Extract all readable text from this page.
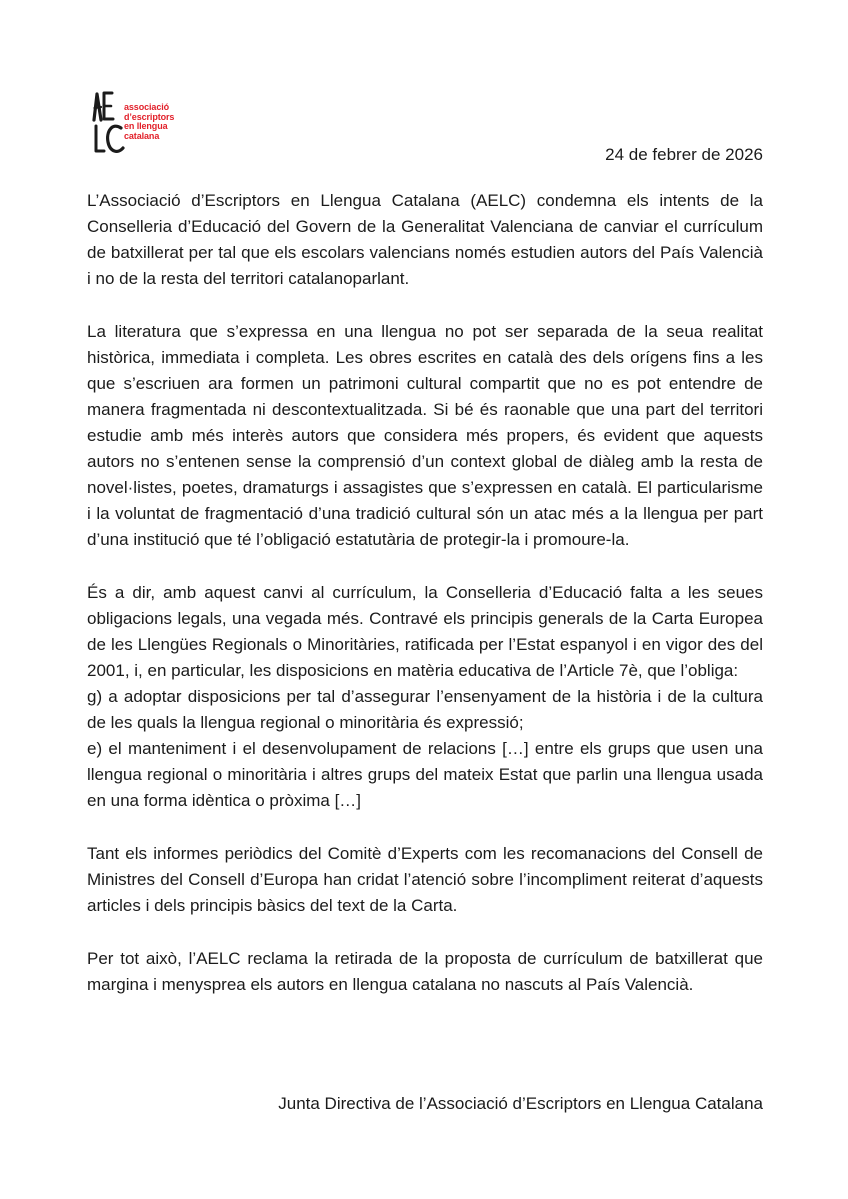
associació
d’escriptors
en llengua
catalana
24 de febrer de 2026

L’Associació d’Escriptors en Llengua Catalana (AELC) condemna els intents de la Conselleria d’Educació del Govern de la Generalitat Valenciana de canviar el currículum de batxillerat per tal que els escolars valencians només estudien autors del País Valencià i no de la resta del territori catalanoparlant.

La literatura que s’expressa en una llengua no pot ser separada de la seua realitat històrica, immediata i completa. Les obres escrites en català des dels orígens fins a les que s’escriuen ara formen un patrimoni cultural compartit que no es pot entendre de manera fragmentada ni descontextualitzada. Si bé és raonable que una part del territori estudie amb més interès autors que considera més propers, és evident que aquests autors no s’entenen sense la comprensió d’un context global de diàleg amb la resta de novel·listes, poetes, dramaturgs i assagistes que s’expressen en català. El particularisme i la voluntat de fragmentació d’una tradició cultural són un atac més a la llengua per part d’una institució que té l’obligació estatutària de protegir-la i promoure-la.

És a dir, amb aquest canvi al currículum, la Conselleria d’Educació falta a les seues obligacions legals, una vegada més. Contravé els principis generals de la Carta Europea de les Llengües Regionals o Minoritàries, ratificada per l’Estat espanyol i en vigor des del 2001, i, en particular, les disposicions en matèria educativa de l’Article 7è, que l’obliga:

g) a adoptar disposicions per tal d’assegurar l’ensenyament de la història i de la cultura de les quals la llengua regional o minoritària és expressió;

e) el manteniment i el desenvolupament de relacions […] entre els grups que usen una llengua regional o minoritària i altres grups del mateix Estat que parlin una llengua usada en una forma idèntica o pròxima […]

Tant els informes periòdics del Comitè d’Experts com les recomanacions del Consell de Ministres del Consell d’Europa han cridat l’atenció sobre l’incompliment reiterat d’aquests articles i dels principis bàsics del text de la Carta.

Per tot això, l’AELC reclama la retirada de la proposta de currículum de batxillerat que margina i menysprea els autors en llengua catalana no nascuts al País Valencià.

Junta Directiva de l’Associació d’Escriptors en Llengua Catalana
